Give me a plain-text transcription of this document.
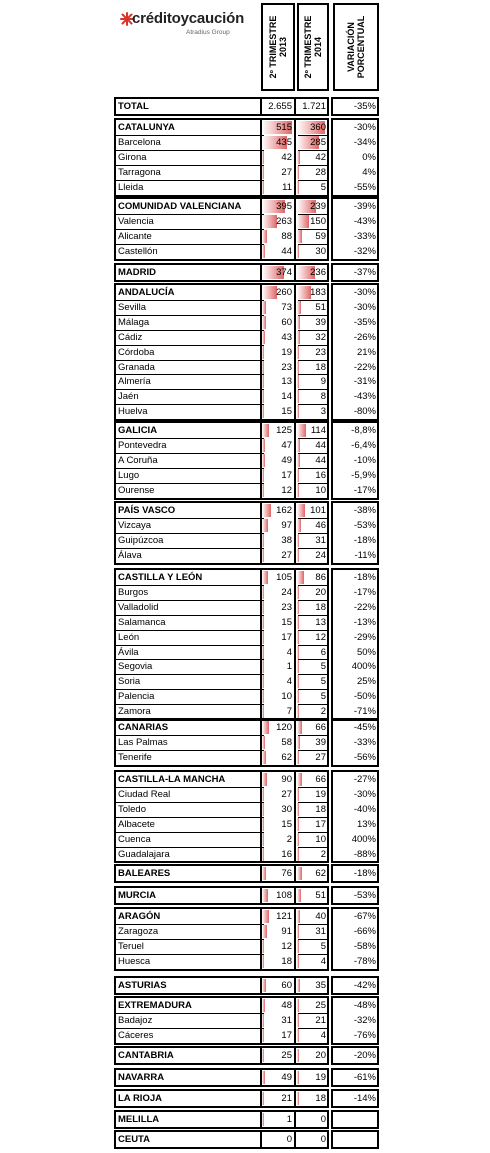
créditoycaución
Atradius Group
2º TRIMESTRE
2013
2º TRIMESTRE
2014	VARIACIÓN
PORCENTUAL
TOTAL	2.655	1.721	-35%
CATALUNYA	515	360	-30%
Barcelona	435	285	-34%
Girona	42	42	0%
Tarragona	27	28	4%
Lleida	11	5	-55%
COMUNIDAD VALENCIANA	395	239	-39%
Valencia	263	150	-43%
Alicante	88	59	-33%
Castellón	44	30	-32%
MADRID	374	236	-37%
ANDALUCÍA	260	183	-30%
Sevilla	73	51	-30%
Málaga	60	39	-35%
Cádiz	43	32	-26%
Córdoba	19	23	21%
Granada	23	18	-22%
Almería	13	9	-31%
Jaén	14	8	-43%
Huelva	15	3	-80%
GALICIA	125	114	-8,8%
Pontevedra	47	44	-6,4%
A Coruña	49	44	-10%
Lugo	17	16	-5,9%
Ourense	12	10	-17%
PAÍS VASCO	162	101	-38%
Vizcaya	97	46	-53%
Guipúzcoa	38	31	-18%
Álava	27	24	-11%
CASTILLA Y LEÓN	105	86	-18%
Burgos	24	20	-17%
Valladolid	23	18	-22%
Salamanca	15	13	-13%
León	17	12	-29%
Ávila	4	6	50%
Segovia	1	5	400%
Soria	4	5	25%
Palencia	10	5	-50%
Zamora	7	2	-71%
CANARIAS	120	66	-45%
Las Palmas	58	39	-33%
Tenerife	62	27	-56%
CASTILLA-LA MANCHA	90	66	-27%
Ciudad Real	27	19	-30%
Toledo	30	18	-40%
Albacete	15	17	13%
Cuenca	2	10	400%
Guadalajara	16	2	-88%
BALEARES	76	62	-18%
MURCIA	108	51	-53%
ARAGÓN	121	40	-67%
Zaragoza	91	31	-66%
Teruel	12	5	-58%
Huesca	18	4	-78%
ASTURIAS	60	35	-42%
EXTREMADURA	48	25	-48%
Badajoz	31	21	-32%
Cáceres	17	4	-76%
CANTABRIA	25	20	-20%
NAVARRA	49	19	-61%
LA RIOJA	21	18	-14%
MELILLA	1	0
CEUTA	0	0
